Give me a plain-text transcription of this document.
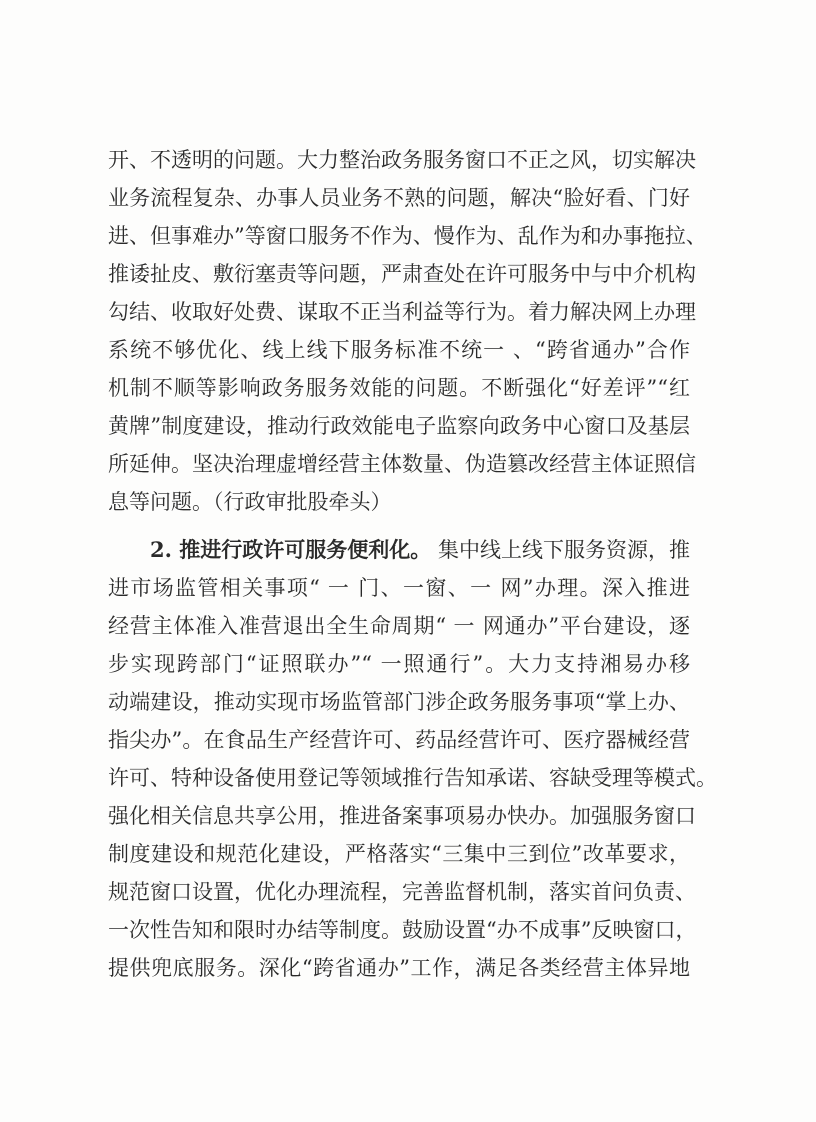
开、不透明的问题。大力整治政务服务窗口不正之风，切实解决
业务流程复杂、办事人员业务不熟的问题，解决“脸好看、门好
进、但事难办”等窗口服务不作为、慢作为、乱作为和办事拖拉、
推诿扯皮、敷衍塞责等问题，严肃查处在许可服务中与中介机构
勾结、收取好处费、谋取不正当利益等行为。着力解决网上办理
系统不够优化、线上线下服务标准不统一 、“跨省通办”合作
机制不顺等影响政务服务效能的问题。不断强化“好差评”“红
黄牌”制度建设，推动行政效能电子监察向政务中心窗口及基层
所延伸。坚决治理虚增经营主体数量、伪造篡改经营主体证照信
息等问题。（行政审批股牵头）
2. 推进行政许可服务便利化。 集中线上线下服务资源，推
进市场监管相关事项“ 一 门、一窗、一 网”办理。深入推进
经营主体准入准营退出全生命周期“ 一 网通办”平台建设，逐
步实现跨部门“证照联办”“ 一照通行”。大力支持湘易办移
动端建设，推动实现市场监管部门涉企政务服务事项“掌上办、
指尖办”。在食品生产经营许可、药品经营许可、医疗器械经营
许可、特种设备使用登记等领域推行告知承诺、容缺受理等模式。
强化相关信息共享公用，推进备案事项易办快办。加强服务窗口
制度建设和规范化建设，严格落实“三集中三到位”改革要求，
规范窗口设置，优化办理流程，完善监督机制，落实首问负责、
一次性告知和限时办结等制度。鼓励设置“办不成事”反映窗口，
提供兜底服务。深化“跨省通办”工作，满足各类经营主体异地
